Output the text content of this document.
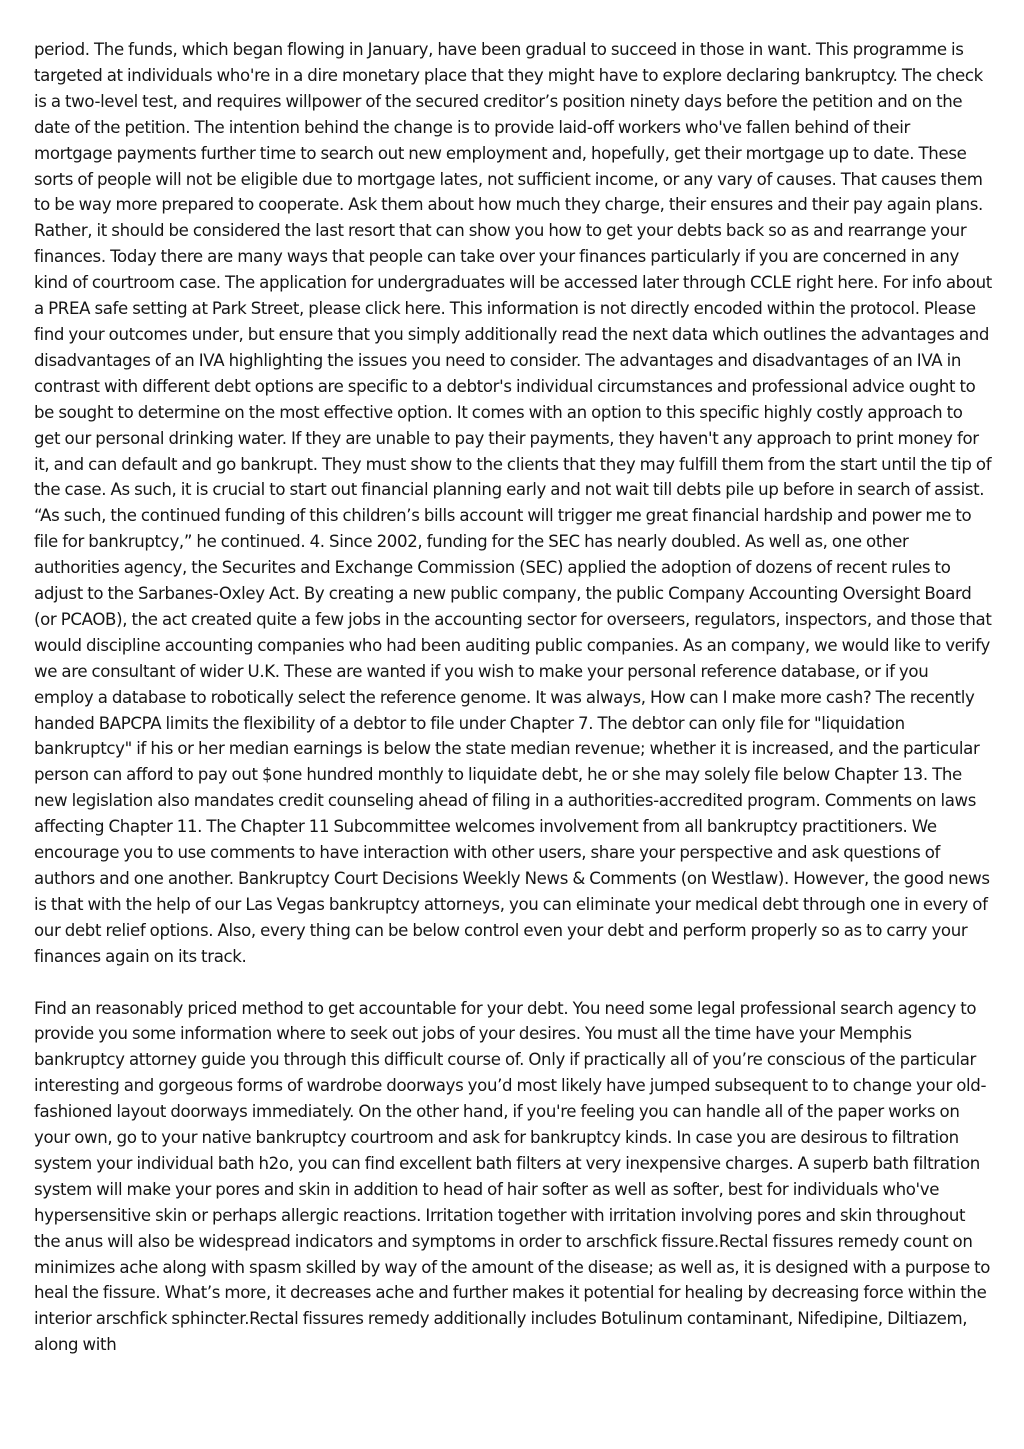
period. The funds, which began flowing in January, have been gradual to succeed in those in want. This programme is targeted at individuals who're in a dire monetary place that they might have to explore declaring bankruptcy. The check is a two-level test, and requires willpower of the secured creditor’s position ninety days before the petition and on the date of the petition. The intention behind the change is to provide laid-off workers who've fallen behind of their mortgage payments further time to search out new employment and, hopefully, get their mortgage up to date. These sorts of people will not be eligible due to mortgage lates, not sufficient income, or any vary of causes. That causes them to be way more prepared to cooperate. Ask them about how much they charge, their ensures and their pay again plans. Rather, it should be considered the last resort that can show you how to get your debts back so as and rearrange your finances. Today there are many ways that people can take over your finances particularly if you are concerned in any kind of courtroom case. The application for undergraduates will be accessed later through CCLE right here. For info about a PREA safe setting at Park Street, please click here. This information is not directly encoded within the protocol. Please find your outcomes under, but ensure that you simply additionally read the next data which outlines the advantages and disadvantages of an IVA highlighting the issues you need to consider. The advantages and disadvantages of an IVA in contrast with different debt options are specific to a debtor's individual circumstances and professional advice ought to be sought to determine on the most effective option. It comes with an option to this specific highly costly approach to get our personal drinking water. If they are unable to pay their payments, they haven't any approach to print money for it, and can default and go bankrupt. They must show to the clients that they may fulfill them from the start until the tip of the case. As such, it is crucial to start out financial planning early and not wait till debts pile up before in search of assist. “As such, the continued funding of this children’s bills account will trigger me great financial hardship and power me to file for bankruptcy,” he continued. 4. Since 2002, funding for the SEC has nearly doubled. As well as, one other authorities agency, the Securites and Exchange Commission (SEC) applied the adoption of dozens of recent rules to adjust to the Sarbanes-Oxley Act. By creating a new public company, the public Company Accounting Oversight Board (or PCAOB), the act created quite a few jobs in the accounting sector for overseers, regulators, inspectors, and those that would discipline accounting companies who had been auditing public companies. As an company, we would like to verify we are consultant of wider U.K. These are wanted if you wish to make your personal reference database, or if you employ a database to robotically select the reference genome. It was always, How can I make more cash? The recently handed BAPCPA limits the flexibility of a debtor to file under Chapter 7. The debtor can only file for "liquidation bankruptcy" if his or her median earnings is below the state median revenue; whether it is increased, and the particular person can afford to pay out $one hundred monthly to liquidate debt, he or she may solely file below Chapter 13. The new legislation also mandates credit counseling ahead of filing in a authorities-accredited program. Comments on laws affecting Chapter 11. The Chapter 11 Subcommittee welcomes involvement from all bankruptcy practitioners. We encourage you to use comments to have interaction with other users, share your perspective and ask questions of authors and one another. Bankruptcy Court Decisions Weekly News & Comments (on Westlaw). However, the good news is that with the help of our Las Vegas bankruptcy attorneys, you can eliminate your medical debt through one in every of our debt relief options. Also, every thing can be below control even your debt and perform properly so as to carry your finances again on its track.

Find an reasonably priced method to get accountable for your debt. You need some legal professional search agency to provide you some information where to seek out jobs of your desires. You must all the time have your Memphis bankruptcy attorney guide you through this difficult course of. Only if practically all of you’re conscious of the particular interesting and gorgeous forms of wardrobe doorways you’d most likely have jumped subsequent to to change your old-fashioned layout doorways immediately. On the other hand, if you're feeling you can handle all of the paper works on your own, go to your native bankruptcy courtroom and ask for bankruptcy kinds. In case you are desirous to filtration system your individual bath h2o, you can find excellent bath filters at very inexpensive charges. A superb bath filtration system will make your pores and skin in addition to head of hair softer as well as softer, best for individuals who've hypersensitive skin or perhaps allergic reactions. Irritation together with irritation involving pores and skin throughout the anus will also be widespread indicators and symptoms in order to arschfick fissure.Rectal fissures remedy count on minimizes ache along with spasm skilled by way of the amount of the disease; as well as, it is designed with a purpose to heal the fissure. What’s more, it decreases ache and further makes it potential for healing by decreasing force within the interior arschfick sphincter.Rectal fissures remedy additionally includes Botulinum contaminant, Nifedipine, Diltiazem, along with
